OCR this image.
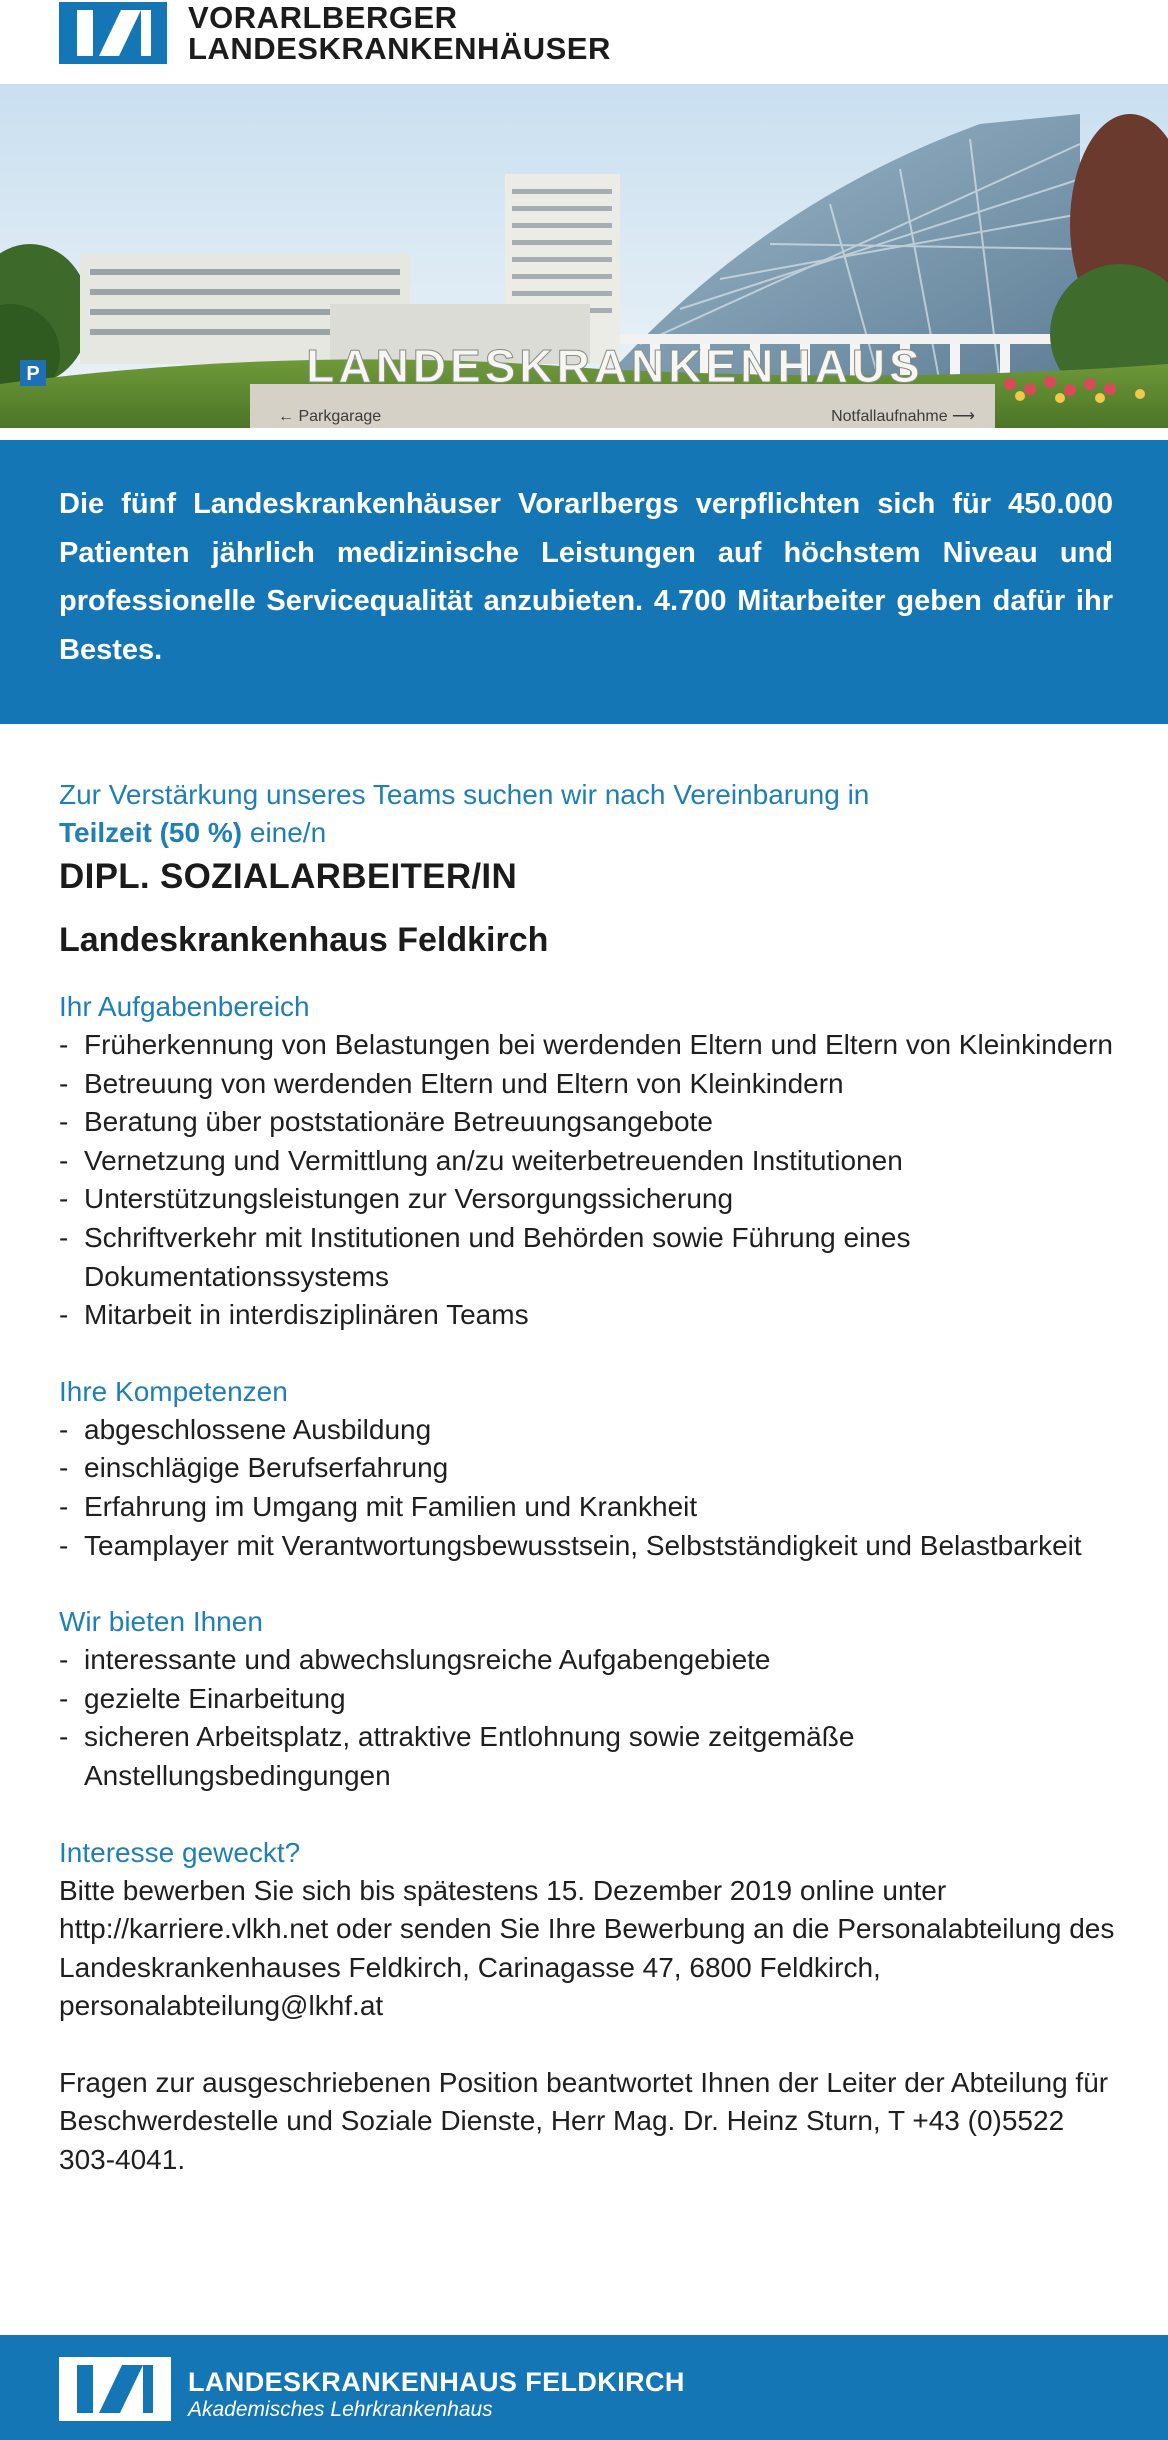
VORARLBERGER
LANDESKRANKENHÄUSER
P	LANDESKRANKENHAUS
← Parkgarage	Notfallaufnahme ⟶

Die fünf Landeskrankenhäuser Vorarlbergs verpflichten sich für 450.000 Patienten jährlich medizinische Leistungen auf höchstem Niveau und professionelle Servicequalität anzubieten. 4.700 Mitarbeiter geben dafür ihr Bestes.

Zur Verstärkung unseres Teams suchen wir nach Vereinbarung in
Teilzeit (50 %) eine/n

DIPL. SOZIALARBEITER/IN
Landeskrankenhaus Feldkirch

Ihr Aufgabenbereich

- Früherkennung von Belastungen bei werdenden Eltern und Eltern von Kleinkindern
- Betreuung von werdenden Eltern und Eltern von Kleinkindern
- Beratung über poststationäre Betreuungsangebote
- Vernetzung und Vermittlung an/zu weiterbetreuenden Institutionen
- Unterstützungsleistungen zur Versorgungssicherung
- Schriftverkehr mit Institutionen und Behörden sowie Führung eines Dokumentationssystems
- Mitarbeit in interdisziplinären Teams

Ihre Kompetenzen

- abgeschlossene Ausbildung
- einschlägige Berufserfahrung
- Erfahrung im Umgang mit Familien und Krankheit
- Teamplayer mit Verantwortungsbewusstsein, Selbstständigkeit und Belastbarkeit

Wir bieten Ihnen

- interessante und abwechslungsreiche Aufgabengebiete
- gezielte Einarbeitung
- sicheren Arbeitsplatz, attraktive Entlohnung sowie zeitgemäße Anstellungsbedingungen

Interesse geweckt?

Bitte bewerben Sie sich bis spätestens 15. Dezember 2019 online unter http://karriere.vlkh.net oder senden Sie Ihre Bewerbung an die Personalabteilung des Landeskrankenhauses Feldkirch, Carinagasse 47, 6800 Feldkirch, personalabteilung@lkhf.at

Fragen zur ausgeschriebenen Position beantwortet Ihnen der Leiter der Abteilung für Beschwerdestelle und Soziale Dienste, Herr Mag. Dr. Heinz Sturn, T +43 (0)5522 303-4041.

LANDESKRANKENHAUS FELDKIRCH
Akademisches Lehrkrankenhaus
